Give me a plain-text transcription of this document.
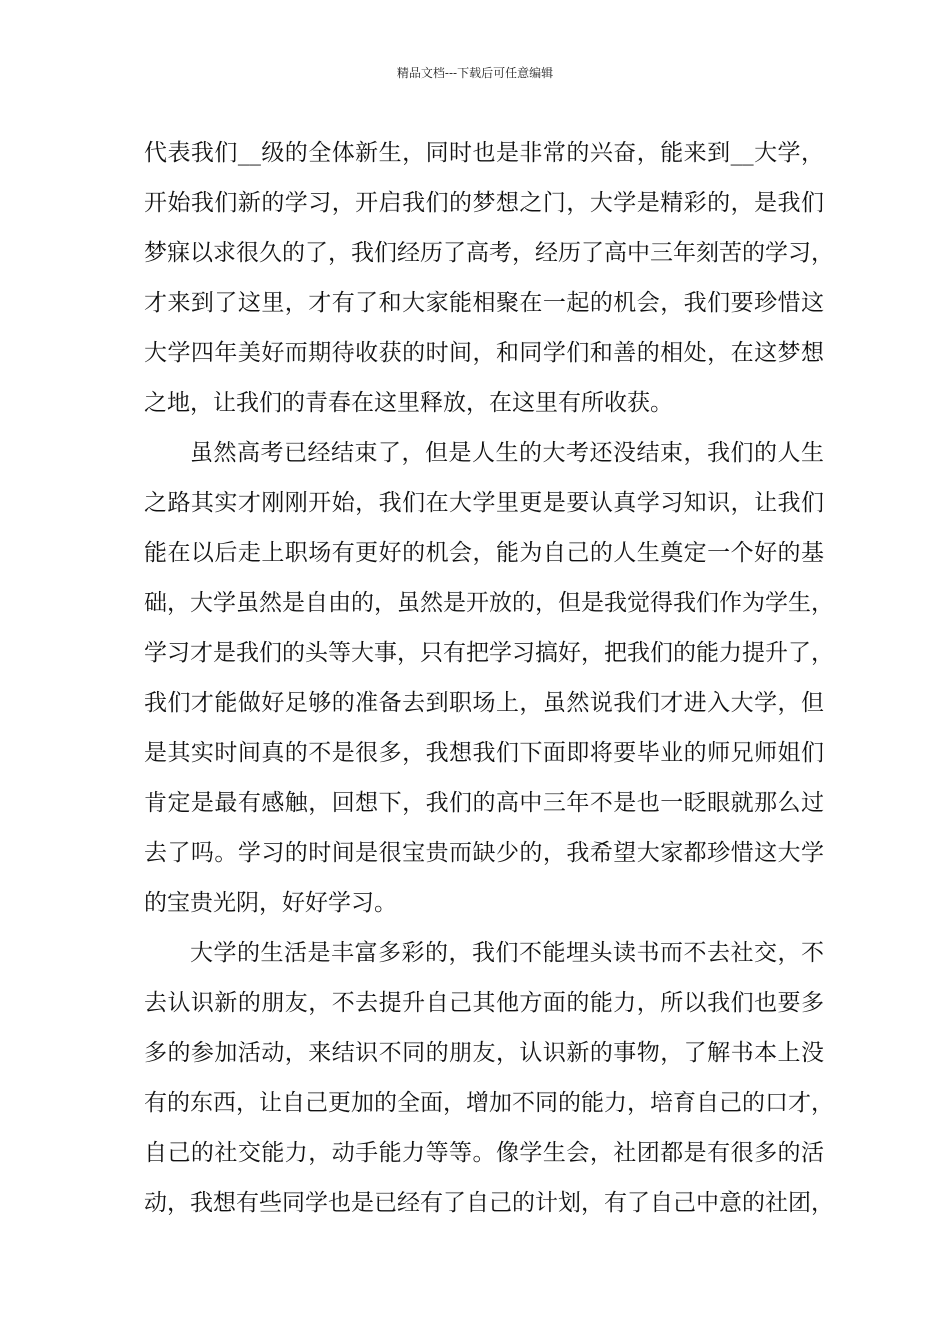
精品文档---下载后可任意编辑
代表我们__级的全体新生，同时也是非常的兴奋，能来到__大学，
开始我们新的学习，开启我们的梦想之门，大学是精彩的，是我们
梦寐以求很久的了，我们经历了高考，经历了高中三年刻苦的学习，
才来到了这里，才有了和大家能相聚在一起的机会，我们要珍惜这
大学四年美好而期待收获的时间，和同学们和善的相处，在这梦想
之地，让我们的青春在这里释放，在这里有所收获。
虽然高考已经结束了，但是人生的大考还没结束，我们的人生
之路其实才刚刚开始，我们在大学里更是要认真学习知识，让我们
能在以后走上职场有更好的机会，能为自己的人生奠定一个好的基
础，大学虽然是自由的，虽然是开放的，但是我觉得我们作为学生，
学习才是我们的头等大事，只有把学习搞好，把我们的能力提升了，
我们才能做好足够的准备去到职场上，虽然说我们才进入大学，但
是其实时间真的不是很多，我想我们下面即将要毕业的师兄师姐们
肯定是最有感触，回想下，我们的高中三年不是也一眨眼就那么过
去了吗。学习的时间是很宝贵而缺少的，我希望大家都珍惜这大学
的宝贵光阴，好好学习。
大学的生活是丰富多彩的，我们不能埋头读书而不去社交，不
去认识新的朋友，不去提升自己其他方面的能力，所以我们也要多
多的参加活动，来结识不同的朋友，认识新的事物，了解书本上没
有的东西，让自己更加的全面，增加不同的能力，培育自己的口才，
自己的社交能力，动手能力等等。像学生会，社团都是有很多的活
动，我想有些同学也是已经有了自己的计划，有了自己中意的社团，
